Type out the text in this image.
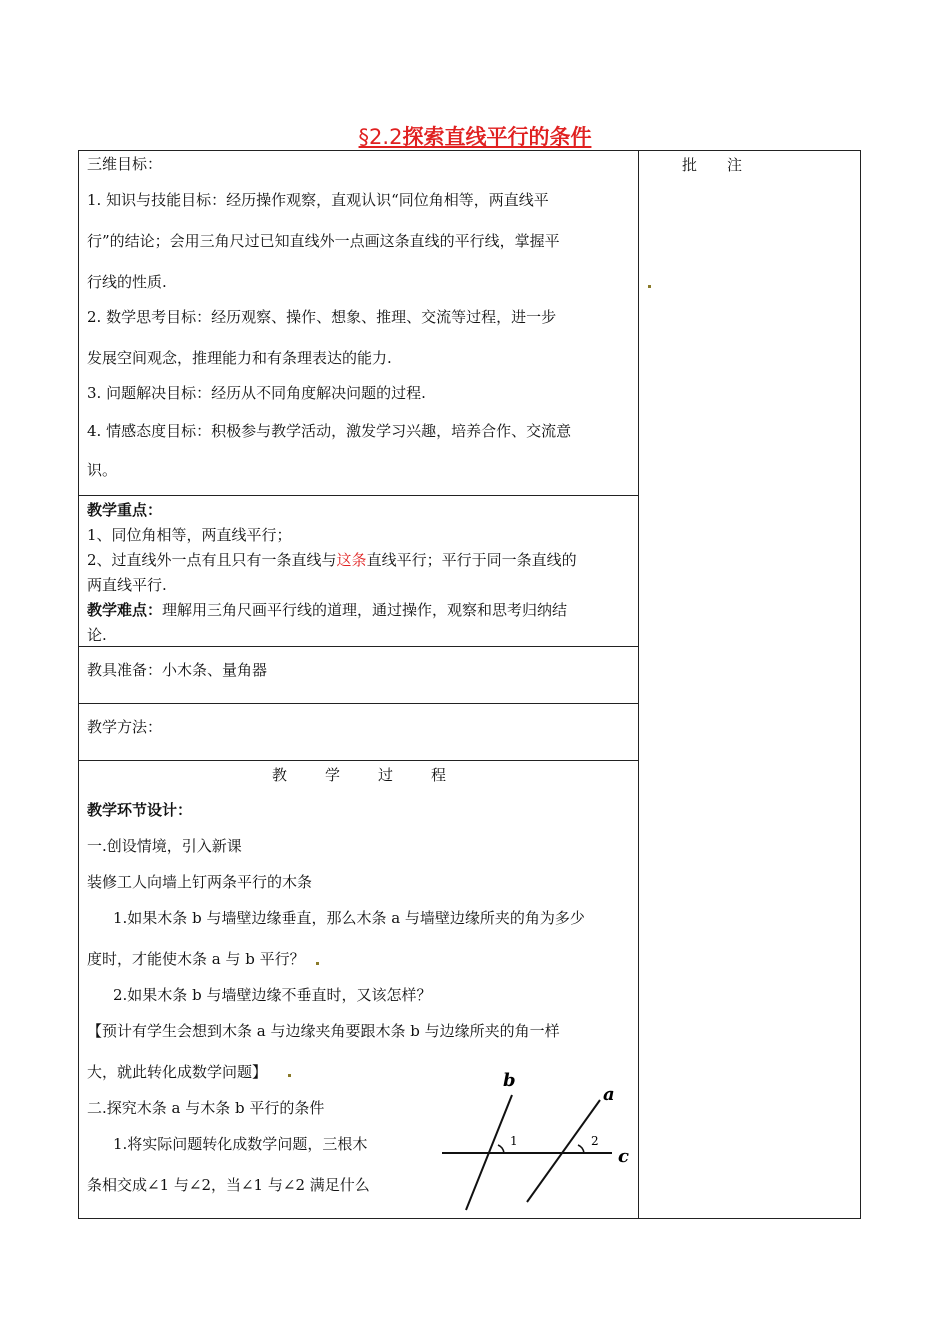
§2.2探索直线平行的条件
批 注
三维目标：
1. 知识与技能目标：经历操作观察，直观认识“同位角相等，两直线平
行”的结论；会用三角尺过已知直线外一点画这条直线的平行线，掌握平
行线的性质.
2. 数学思考目标：经历观察、操作、想象、推理、交流等过程，进一步
发展空间观念，推理能力和有条理表达的能力.
3. 问题解决目标：经历从不同角度解决问题的过程.
4. 情感态度目标：积极参与教学活动，激发学习兴趣，培养合作、交流意
识。
教学重点：
1、同位角相等，两直线平行；
2、过直线外一点有且只有一条直线与这条直线平行；平行于同一条直线的
两直线平行.
教学难点：理解用三角尺画平行线的道理，通过操作，观察和思考归纳结
论.
教具准备：小木条、量角器
教学方法：
教	学	过	程
教学环节设计：
一.创设情境，引入新课
装修工人向墙上钉两条平行的木条
1.如果木条 b 与墙壁边缘垂直，那么木条 a 与墙壁边缘所夹的角为多少
度时，才能使木条 a 与 b 平行？
2.如果木条 b 与墙壁边缘不垂直时，又该怎样？
【预计有学生会想到木条 a 与边缘夹角要跟木条 b 与边缘所夹的角一样
大，就此转化成数学问题】
二.探究木条 a 与木条 b 平行的条件
1.将实际问题转化成数学问题，三根木
条相交成∠1 与∠2，当∠1 与∠2 满足什么
b
a
c
1	2
